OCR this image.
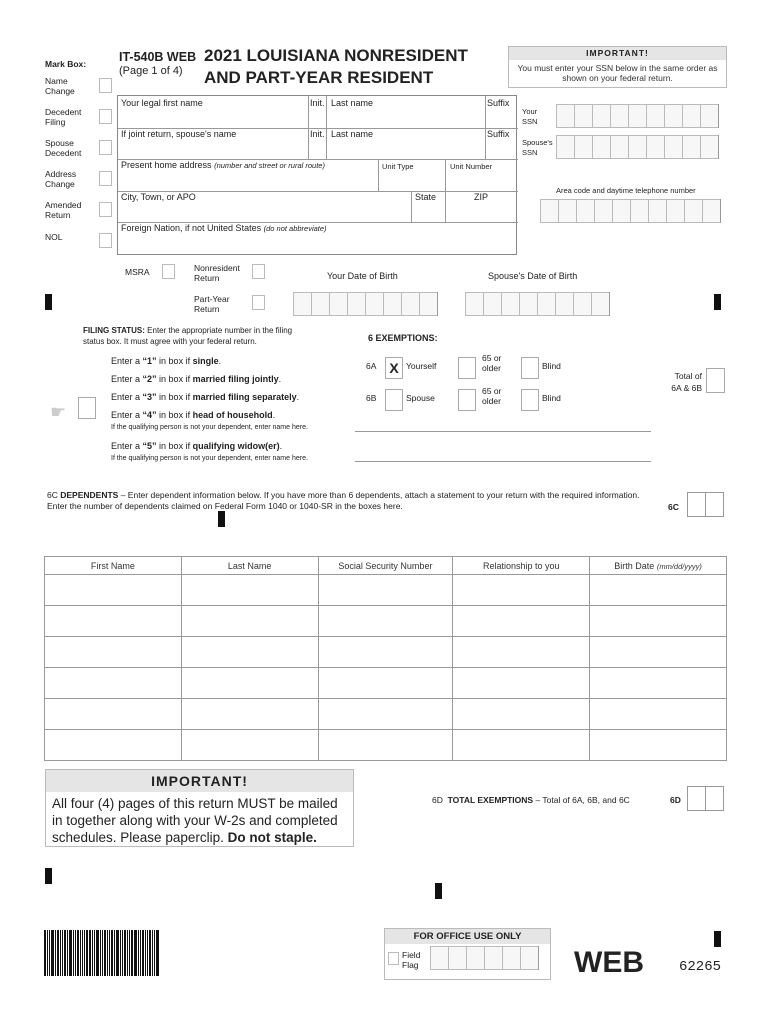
IT-540B WEB
(Page 1 of 4)
2021 LOUISIANA NONRESIDENT
AND PART-YEAR RESIDENT
IMPORTANT!
You must enter your SSN below in the same order as shown on your federal return.
Mark Box:
Name Change
Decedent Filing
Spouse Decedent
Address Change
Amended Return
NOL
Your legal first name	Init. Last name	Suffix
If joint return, spouse's name	Init. Last name	Suffix
Present home address (number and street or rural route)	Unit Type	Unit Number
City, Town, or APO	State	ZIP
Foreign Nation, if not United States (do not abbreviate)
Your SSN
Spouse's SSN
Area code and daytime telephone number
MSRA	Nonresident Return
Part-Year Return
Your Date of Birth	Spouse's Date of Birth
FILING STATUS: Enter the appropriate number in the filing status box. It must agree with your federal return.
Enter a “1” in box if single.
Enter a “2” in box if married filing jointly.
Enter a “3” in box if married filing separately.
Enter a “4” in box if head of household.
If the qualifying person is not your dependent, enter name here.
Enter a “5” in box if qualifying widow(er).
If the qualifying person is not your dependent, enter name here.
☛
6 EXEMPTIONS:
6A X Yourself
65 or older	Blind
6B	Spouse
65 or older	Blind
Total of 6A & 6B
6C DEPENDENTS – Enter dependent information below. If you have more than 6 dependents, attach a statement to your return with the required information. Enter the number of dependents claimed on Federal Form 1040 or 1040-SR in the boxes here.	6C
First Name	Last Name	Social Security Number	Relationship to you	Birth Date (mm/dd/yyyy)

IMPORTANT!
All four (4) pages of this return MUST be mailed in together along with your W-2s and completed schedules. Please paperclip. Do not staple.
6D TOTAL EXEMPTIONS – Total of 6A, 6B, and 6C	6D
FOR OFFICE USE ONLY
Field Flag	WEB	62265
